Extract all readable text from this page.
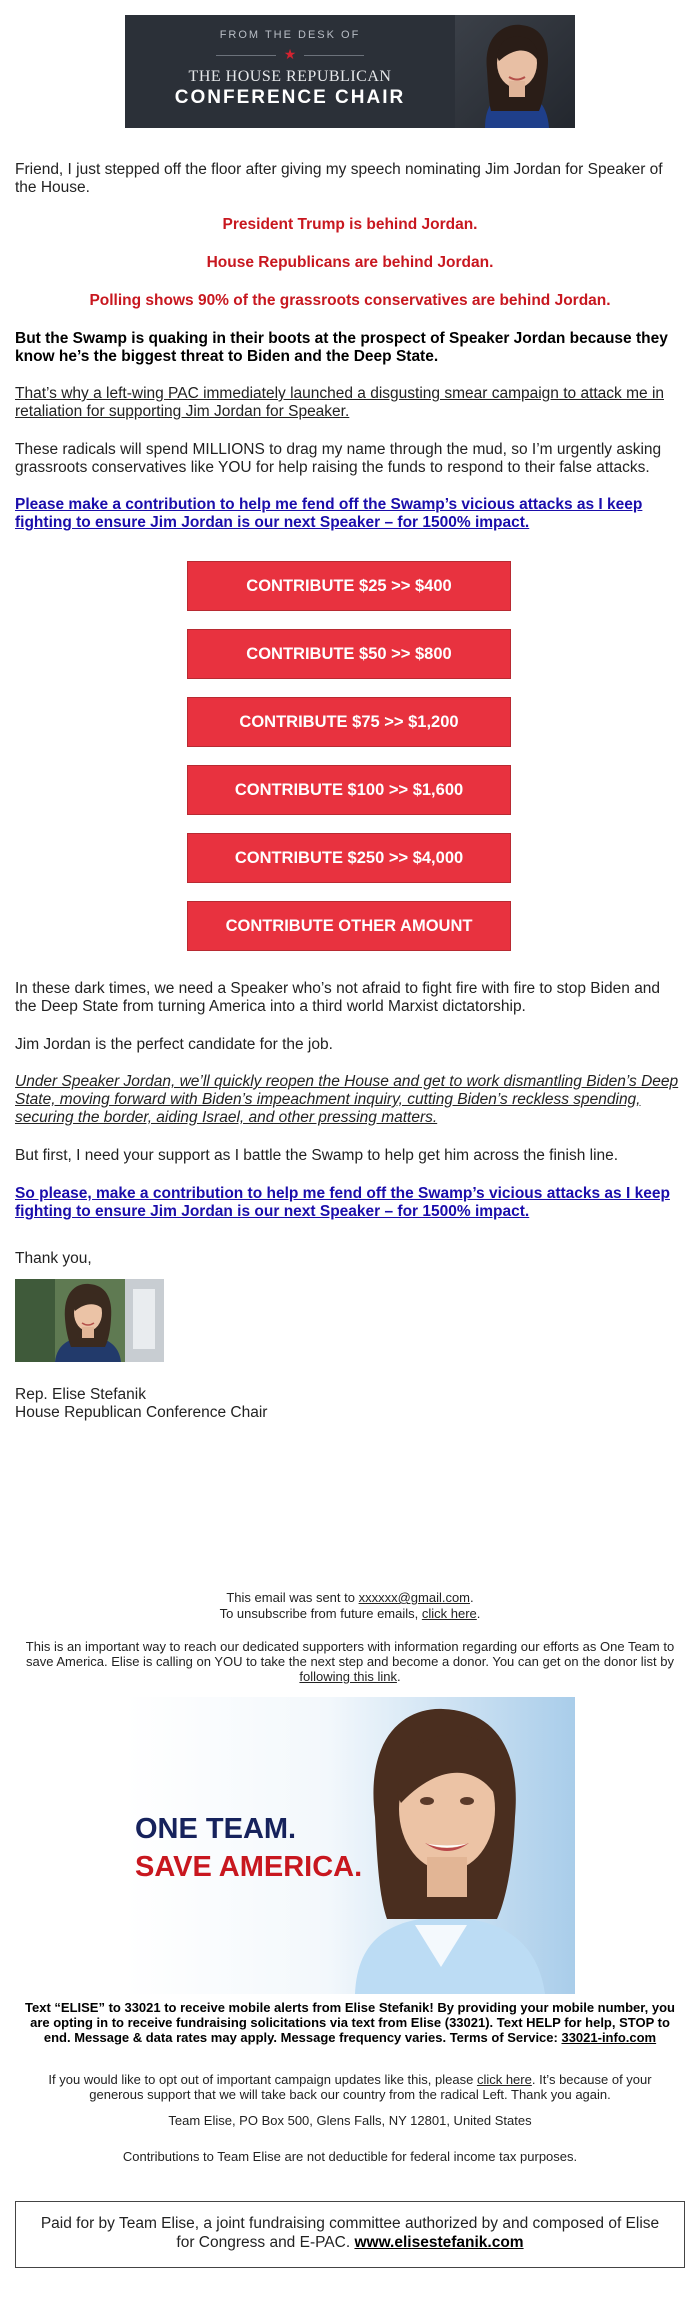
FROM THE DESK OF
★
THE HOUSE REPUBLICAN
CONFERENCE CHAIR
Friend, I just stepped off the floor after giving my speech nominating Jim Jordan for Speaker of the House.
President Trump is behind Jordan.
House Republicans are behind Jordan.
Polling shows 90% of the grassroots conservatives are behind Jordan.
But the Swamp is quaking in their boots at the prospect of Speaker Jordan because they know he’s the biggest threat to Biden and the Deep State.
That’s why a left-wing PAC immediately launched a disgusting smear campaign to attack me in retaliation for supporting Jim Jordan for Speaker.
These radicals will spend MILLIONS to drag my name through the mud, so I’m urgently asking grassroots conservatives like YOU for help raising the funds to respond to their false attacks.
Please make a contribution to help me fend off the Swamp’s vicious attacks as I keep fighting to ensure Jim Jordan is our next Speaker – for 1500% impact.
CONTRIBUTE $25 >> $400
CONTRIBUTE $50 >> $800
CONTRIBUTE $75 >> $1,200
CONTRIBUTE $100 >> $1,600
CONTRIBUTE $250 >> $4,000
CONTRIBUTE OTHER AMOUNT
In these dark times, we need a Speaker who’s not afraid to fight fire with fire to stop Biden and the Deep State from turning America into a third world Marxist dictatorship.
Jim Jordan is the perfect candidate for the job.
Under Speaker Jordan, we’ll quickly reopen the House and get to work dismantling Biden’s Deep State, moving forward with Biden’s impeachment inquiry, cutting Biden’s reckless spending, securing the border, aiding Israel, and other pressing matters.
But first, I need your support as I battle the Swamp to help get him across the finish line.
So please, make a contribution to help me fend off the Swamp’s vicious attacks as I keep fighting to ensure Jim Jordan is our next Speaker – for 1500% impact.
Thank you,
Rep. Elise Stefanik
House Republican Conference Chair
This email was sent to xxxxxx@gmail.com.
To unsubscribe from future emails, click here.
This is an important way to reach our dedicated supporters with information regarding our efforts as One Team to save America. Elise is calling on YOU to take the next step and become a donor. You can get on the donor list by following this link.
ONE TEAM.
SAVE AMERICA.
Text “ELISE” to 33021 to receive mobile alerts from Elise Stefanik! By providing your mobile number, you are opting in to receive fundraising solicitations via text from Elise (33021). Text HELP for help, STOP to end. Message & data rates may apply. Message frequency varies. Terms of Service: 33021-info.com
If you would like to opt out of important campaign updates like this, please click here. It’s because of your generous support that we will take back our country from the radical Left. Thank you again.
Team Elise, PO Box 500, Glens Falls, NY 12801, United States
Contributions to Team Elise are not deductible for federal income tax purposes.
Paid for by Team Elise, a joint fundraising committee authorized by and composed of Elise for Congress and E-PAC. www.elisestefanik.com
